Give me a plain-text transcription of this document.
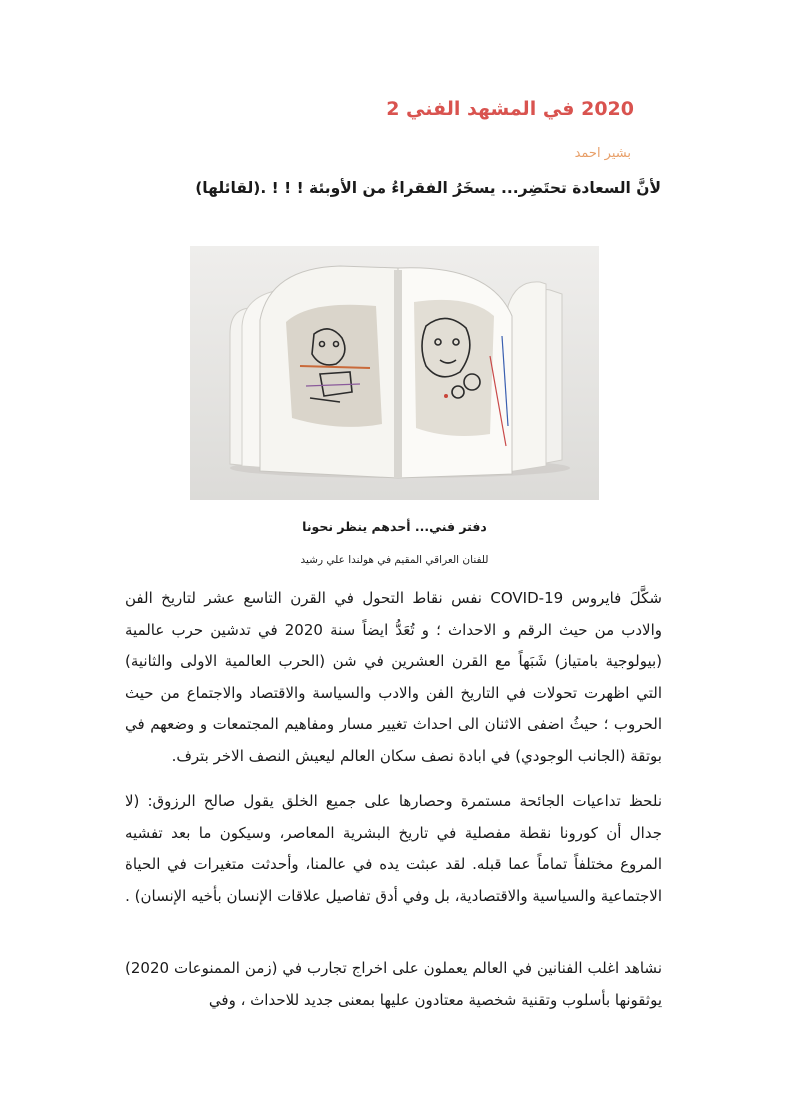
2020 في المشهد الفني 2
بشير احمد
لأنَّ السعادة تحتَضِر... يسخَرُ الفقراءُ من الأوبئة ! ! ! .(لقائلها)
دفتر فني... أحدهم ينظر نحونا
للفنان العراقي المقيم في هولندا علي رشيد

شكَّلَ فايروس COVID-19 نفس نقاط التحول في القرن التاسع عشر لتاريخ الفن والادب من حيث الرقم و الاحداث ؛ و تُعَدُّ ايضاً سنة 2020 في تدشين حرب عالمية (بيولوجية بامتياز) شَبَهاً مع القرن العشرين في شن (الحرب العالمية الاولى والثانية) التي اظهرت تحولات في التاريخ الفن والادب والسياسة والاقتصاد والاجتماع من حيث الحروب ؛ حيثُ اضفى الاثنان الى احداث تغيير مسار ومفاهيم المجتمعات و وضعهم في بوتقة (الجانب الوجودي) في ابادة نصف سكان العالم ليعيش النصف الاخر بترف.

نلحظ تداعيات الجائحة مستمرة وحصارها على جميع الخلق يقول صالح الرزوق: (لا جدال أن كورونا نقطة مفصلية في تاريخ البشرية المعاصر، وسيكون ما بعد تفشيه المروع مختلفاً تماماً عما قبله. لقد عبثت يده في عالمنا، وأحدثت متغيرات في الحياة الاجتماعية والسياسية والاقتصادية، بل وفي أدق تفاصيل علاقات الإنسان بأخيه الإنسان) .

نشاهد اغلب الفنانين في العالم يعملون على اخراج تجارب في (زمن الممنوعات 2020) يوثقونها بأسلوب وتقنية شخصية معتادون عليها بمعنى جديد للاحداث ، وفي
